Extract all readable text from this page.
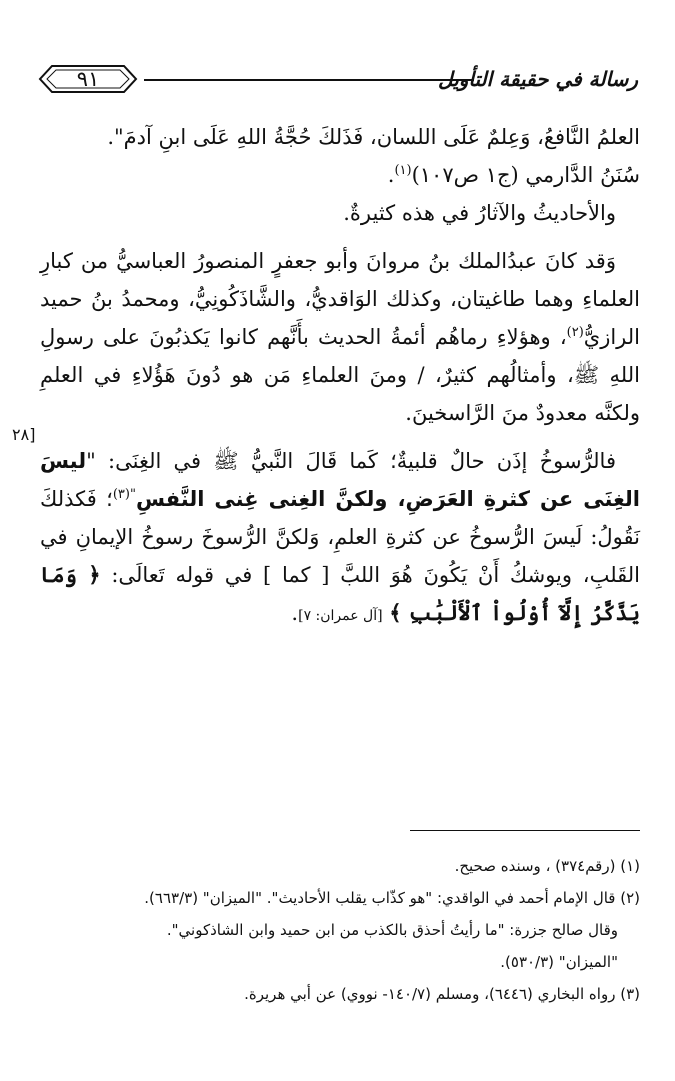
٩١	رسالة في حقيقة التأويل
[٢٨

العلمُ النَّافعُ، وَعِلمٌ عَلَى اللسان، فَذَلكَ حُجَّةُ اللهِ عَلَى ابنِ آدمَ".

سُنَنُ الدَّارمي (ج١ ص١٠٧)$^{(١)}$.

والأحاديثُ والآثارُ في هذه كثيرةٌ.

وَقد كانَ عبدُالملك بنُ مروانَ وأبو جعفرٍ المنصورُ العباسيُّ من كبارِ العلماءِ وهما طاغيتان، وكذلك الوَاقديُّ، والشَّاذَكُونِيُّ، ومحمدُ بنُ حميد الرازيُّ$^{(٢)}$، وهؤلاءِ رماهُم أئمةُ الحديث بأَنَّهم كانوا يَكذبُونَ على رسولِ اللهِ ﷺ، وأمثالُهم كثيرٌ، / ومنَ العلماءِ مَن هو دُونَ هَؤُلاءِ في العلمِ ولكنَّه معدودٌ منَ الرَّاسخينَ.

فالرُّسوخُ إذَن حالٌ قلبيةٌ؛ كَما قَالَ النَّبيُّ ﷺ في الغِنَى: "ليسَ الغِنَى عن كثرةِ العَرَضِ، ولكنَّ الغِنى غِنى النَّفسِ$^{"(٣)}$؛ فَكذلكَ نَقُولُ: لَيسَ الرُّسوخُ عن كثرةِ العلمِ، وَلكنَّ الرُّسوخَ رسوخُ الإيمانِ في القَلبِ، ويوشكُ أَنْ يَكُونَ هُوَ اللبَّ [ كما ] في قوله تَعالَى: ﴿ وَمَا يَذَّكَّرُ إِلَّآ أُوْلُواْ ٱلْأَلْبَٰبِ ﴾ [آل عمران: ٧].

(١) (رقم٣٧٤) ، وسنده صحيح.

(٢) قال الإمام أحمد في الواقدي: "هو كذّاب يقلب الأحاديث". "الميزان" (٦٦٣/٣).

وقال صالح جزرة: "ما رأيتُ أحذق بالكذب من ابن حميد وابن الشاذكوني".

"الميزان" (٥٣٠/٣).

(٣) رواه البخاري (٦٤٤٦)، ومسلم (١٤٠/٧- نووي) عن أبي هريرة.
